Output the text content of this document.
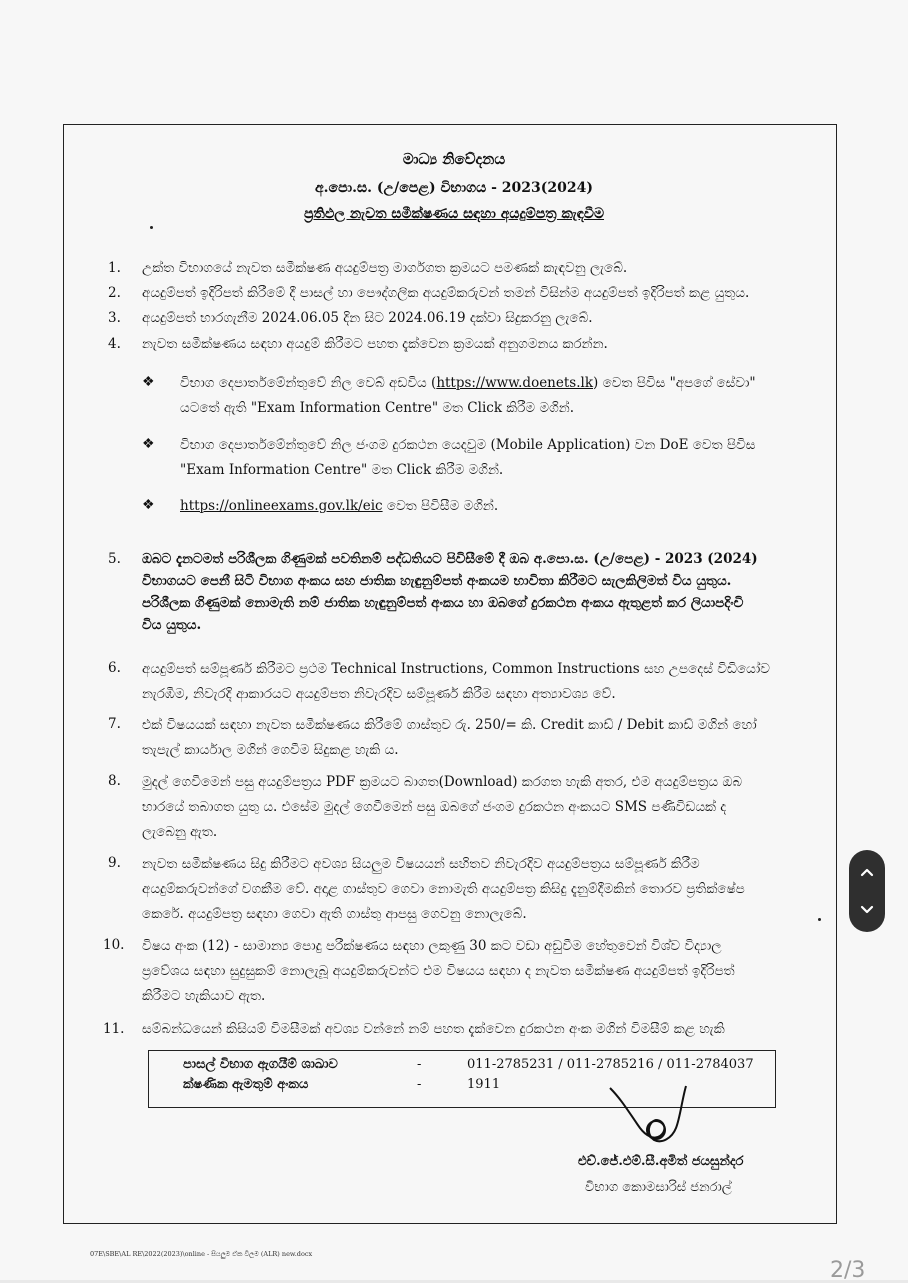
මාධ්‍ය නිවේදනය
අ.පො.ස. (උ/පෙළ) විභාගය - 2023(2024)
ප්‍රතිඵල නැවත සමීක්ෂණය සඳහා අයදුම්පත්‍ර කැඳවීම
1.	උක්ත විභාගයේ නැවත සමීක්ෂණ අයදුම්පත්‍ර මාර්ගගත ක්‍රමයට පමණක් කැඳවනු ලැබේ.
2.	අයදුම්පත් ඉදිරිපත් කිරීමේ දී පාසල් හා පෞද්ගලික අයදුම්කරුවන් තමන් විසින්ම අයදුම්පත් ඉදිරිපත් කළ යුතුය.
3.	අයදුම්පත් භාරගැනීම 2024.06.05 දින සිට 2024.06.19 දක්වා සිදුකරනු ලැබේ.
4.	නැවත සමීක්ෂණය සඳහා අයදුම් කිරීමට පහත දැක්වෙන ක්‍රමයක් අනුගමනය කරන්න.
❖ විභාග දෙපාර්තමේන්තුවේ නිල වෙබ් අඩවිය (https://www.doenets.lk) වෙත පිවිස "අපගේ සේවා"
යටතේ ඇති "Exam Information Centre" මත Click කිරීම මගින්.
❖ විභාග දෙපාර්තමේන්තුවේ නිල ජංගම දුරකථන යෙදවුම (Mobile Application) වන DoE වෙත පිවිස
"Exam Information Centre" මත Click කිරීම මගින්.
❖ https://onlineexams.gov.lk/eic වෙත පිවිසීම මගින්.
5.	ඔබට දැනටමත් පරිශීලක ගිණුමක් පවතිනම් පද්ධතියට පිවිසීමේ දී ඔබ අ.පො.ස. (උ/පෙළ) - 2023 (2024)
විභාගයට පෙනී සිටි විභාග අංකය සහ ජාතික හැඳුනුම්පත් අංකයම භාවිතා කිරීමට සැලකිලිමත් විය යුතුය.
පරිශීලක ගිණුමක් නොමැති නම් ජාතික හැඳුනුම්පත් අංකය හා ඔබගේ දුරකථන අංකය ඇතුළත් කර ලියාපදිංචි
විය යුතුය.
6.	අයදුම්පත් සම්පූර්ණ කිරීමට ප්‍රථම Technical Instructions, Common Instructions සහ උපදෙස් විඩියෝව
නැරඹීම, නිවැරදි ආකාරයට අයදුම්පත නිවැරදිව සම්පූර්ණ කිරීම සඳහා අත්‍යාවශ්‍ය වේ.
7.	එක් විෂයයක් සඳහා නැවත සමීක්ෂණය කිරීමේ ගාස්තුව රු. 250/= කි. Credit කාඩ් / Debit කාඩ් මගින් හෝ
තැපැල් කාර්යාල මගින් ගෙවීම සිදුකළ හැකි ය.
8.	මුදල් ගෙවීමෙන් පසු අයදුම්පත්‍රය PDF ක්‍රමයට බාගත(Download) කරගත හැකි අතර, එම අයදුම්පත්‍රය ඔබ
භාරයේ තබාගත යුතු ය. එසේම මුදල් ගෙවීමෙන් පසු ඔබගේ ජංගම දුරකථන අංකයට SMS පණිවිඩයක් ද
ලැබෙනු ඇත.
9.	නැවත සමීක්ෂණය සිදු කිරීමට අවශ්‍ය සියලුම විෂයයන් සහිතව නිවැරදිව අයදුම්පත්‍රය සම්පූර්ණ කිරීම
අයදුම්කරුවන්ගේ වගකීම වේ. අදාළ ගාස්තුව ගෙවා නොමැති අයදුම්පත්‍ර කිසිදු දැනුම්දීමකින් තොරව ප්‍රතික්ෂේප
කෙරේ. අයදුම්පත්‍ර සඳහා ගෙවා ඇති ගාස්තු ආපසු ගෙවනු නොලැබේ.
10. විෂය අංක (12) - සාමාන්‍ය පොදු පරීක්ෂණය සඳහා ලකුණු 30 කට වඩා අඩුවීම හේතුවෙන් විශ්ව විද්‍යාල
ප්‍රවේශය සඳහා සුදුසුකම් නොලැබූ අයදුම්කරුවන්ට එම විෂයය සඳහා ද නැවත සමීක්ෂණ අයදුම්පත් ඉදිරිපත්
කිරීමට හැකියාව ඇත.
11. සම්බන්ධයෙන් කිසියම් විමසීමක් අවශ්‍ය වන්නේ නම් පහත දැක්වෙන දුරකථන අංක මගින් විමසීම් කළ හැකි
පාසල් විභාග ඇගයීම් ශාඛාව	-	011-2785231 / 011-2785216 / 011-2784037
ක්ෂණික ඇමතුම් අංකය	-	1911
එච්.ජේ.එම්.සී.අමිත් ජයසුන්දර
විභාග කොමසාරිස් ජනරාල්
07E\SBE\AL RE\2022(2023)\online - සියලුම ඒක විලම (ALR) new.docx
2/3
